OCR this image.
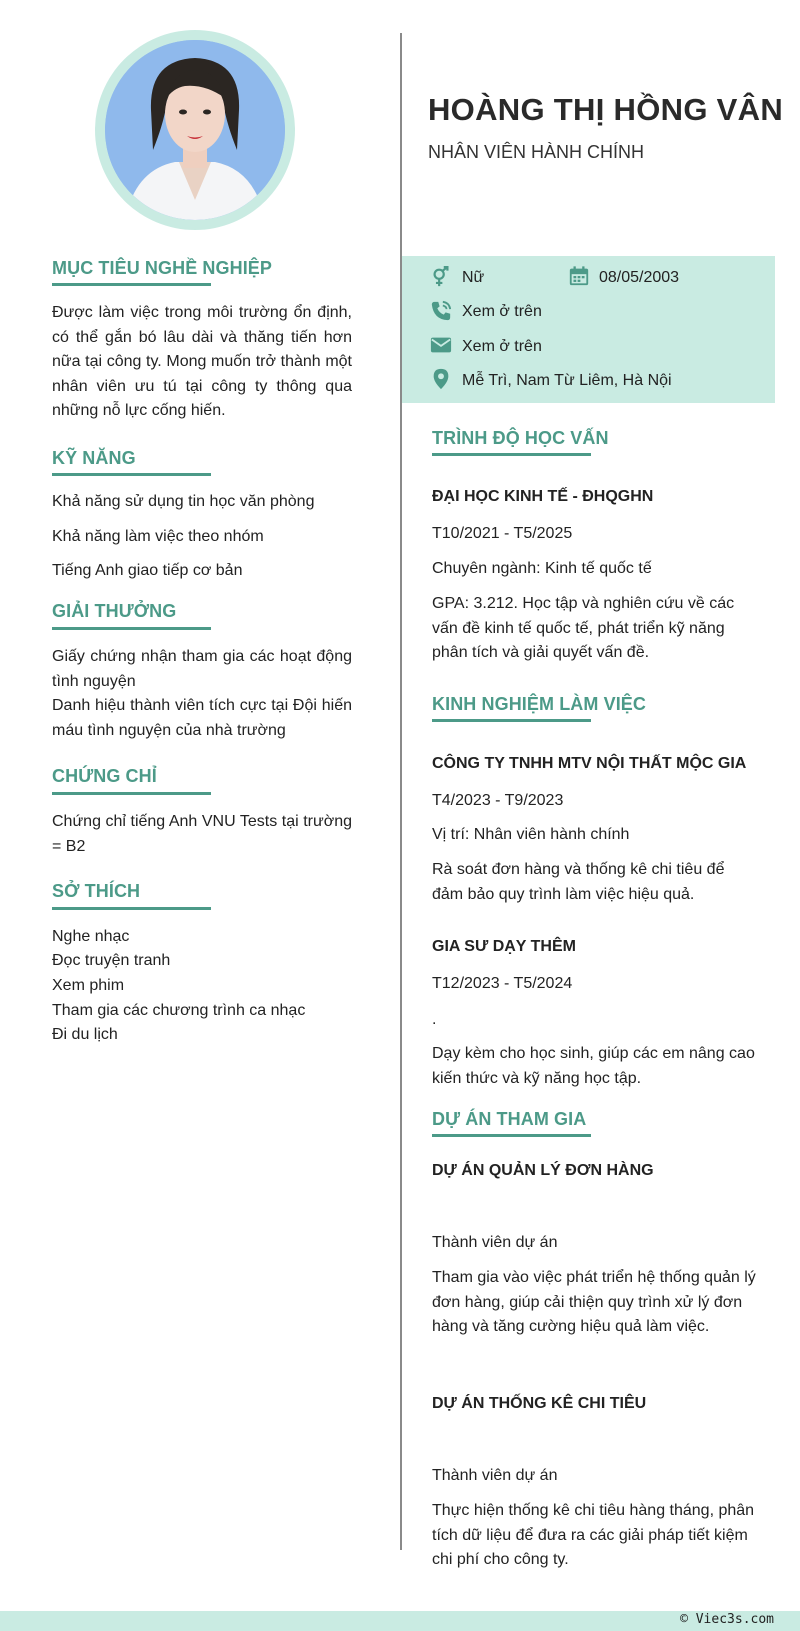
MỤC TIÊU NGHỀ NGHIỆP
Được làm việc trong môi trường ổn định, có thể gắn bó lâu dài và thăng tiến hơn nữa tại công ty. Mong muốn trở thành một nhân viên ưu tú tại công ty thông qua những nỗ lực cống hiến.
KỸ NĂNG
Khả năng sử dụng tin học văn phòng
Khả năng làm việc theo nhóm
Tiếng Anh giao tiếp cơ bản
GIẢI THƯỞNG
Giấy chứng nhận tham gia các hoạt động tình nguyện
Danh hiệu thành viên tích cực tại Đội hiến máu tình nguyện của nhà trường
CHỨNG CHỈ
Chứng chỉ tiếng Anh VNU Tests tại trường = B2
SỞ THÍCH
Nghe nhạc
Đọc truyện tranh
Xem phim
Tham gia các chương trình ca nhạc
Đi du lịch
HOÀNG THỊ HỒNG VÂN
NHÂN VIÊN HÀNH CHÍNH
Nữ	08/05/2003
Xem ở trên
Xem ở trên
Mễ Trì, Nam Từ Liêm, Hà Nội
TRÌNH ĐỘ HỌC VẤN
ĐẠI HỌC KINH TẾ - ĐHQGHN
T10/2021 - T5/2025
Chuyên ngành: Kinh tế quốc tế
GPA: 3.212. Học tập và nghiên cứu về các vấn đề kinh tế quốc tế, phát triển kỹ năng phân tích và giải quyết vấn đề.
KINH NGHIỆM LÀM VIỆC
CÔNG TY TNHH MTV NỘI THẤT MỘC GIA
T4/2023 - T9/2023
Vị trí: Nhân viên hành chính
Rà soát đơn hàng và thống kê chi tiêu để đảm bảo quy trình làm việc hiệu quả.
GIA SƯ DẠY THÊM
T12/2023 - T5/2024
.
Dạy kèm cho học sinh, giúp các em nâng cao kiến thức và kỹ năng học tập.
DỰ ÁN THAM GIA
DỰ ÁN QUẢN LÝ ĐƠN HÀNG
Thành viên dự án
Tham gia vào việc phát triển hệ thống quản lý đơn hàng, giúp cải thiện quy trình xử lý đơn hàng và tăng cường hiệu quả làm việc.
DỰ ÁN THỐNG KÊ CHI TIÊU
Thành viên dự án
Thực hiện thống kê chi tiêu hàng tháng, phân tích dữ liệu để đưa ra các giải pháp tiết kiệm chi phí cho công ty.
© Viec3s.com
